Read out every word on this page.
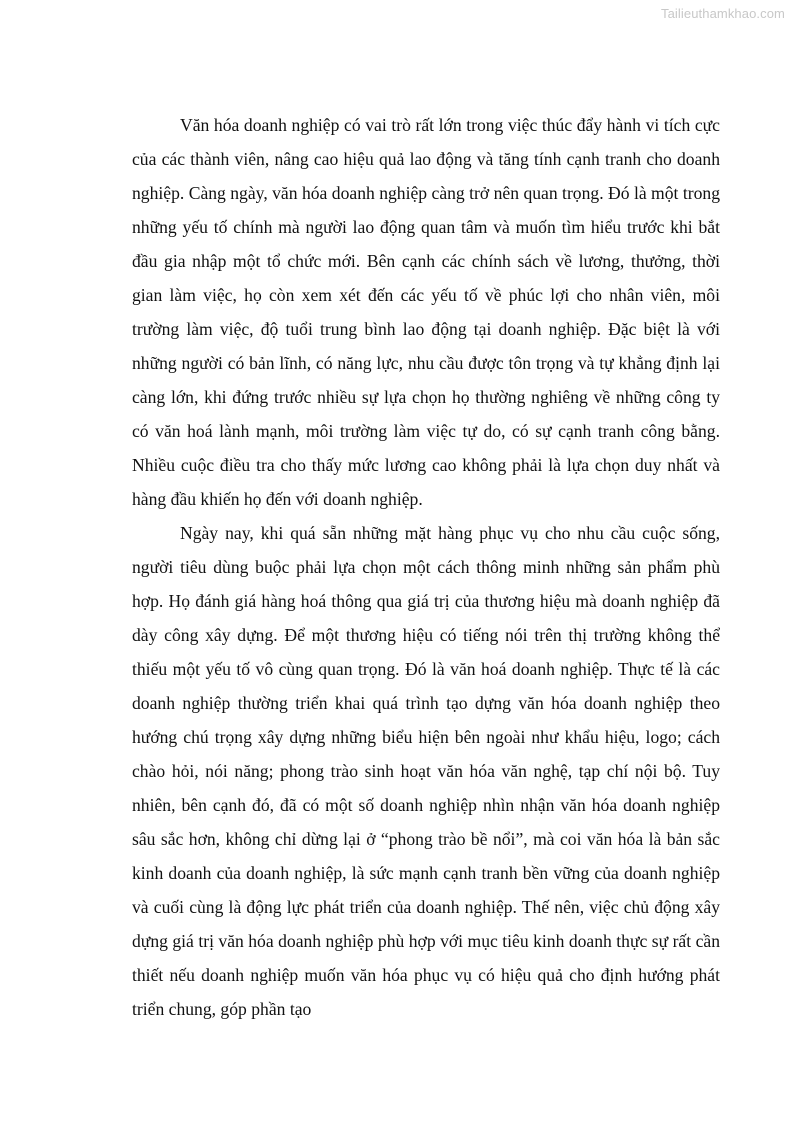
Tailieuthamkhao.com

Văn hóa doanh nghiệp có vai trò rất lớn trong việc thúc đẩy hành vi tích cực của các thành viên, nâng cao hiệu quả lao động và tăng tính cạnh tranh cho doanh nghiệp. Càng ngày, văn hóa doanh nghiệp càng trở nên quan trọng. Đó là một trong những yếu tố chính mà người lao động quan tâm và muốn tìm hiểu trước khi bắt đầu gia nhập một tổ chức mới. Bên cạnh các chính sách về lương, thưởng, thời gian làm việc, họ còn xem xét đến các yếu tố về phúc lợi cho nhân viên, môi trường làm việc, độ tuổi trung bình lao động tại doanh nghiệp. Đặc biệt là với những người có bản lĩnh, có năng lực, nhu cầu được tôn trọng và tự khẳng định lại càng lớn, khi đứng trước nhiều sự lựa chọn họ thường nghiêng về những công ty có văn hoá lành mạnh, môi trường làm việc tự do, có sự cạnh tranh công bằng. Nhiều cuộc điều tra cho thấy mức lương cao không phải là lựa chọn duy nhất và hàng đầu khiến họ đến với doanh nghiệp.

Ngày nay, khi quá sẵn những mặt hàng phục vụ cho nhu cầu cuộc sống, người tiêu dùng buộc phải lựa chọn một cách thông minh những sản phẩm phù hợp. Họ đánh giá hàng hoá thông qua giá trị của thương hiệu mà doanh nghiệp đã dày công xây dựng. Để một thương hiệu có tiếng nói trên thị trường không thể thiếu một yếu tố vô cùng quan trọng. Đó là văn hoá doanh nghiệp. Thực tế là các doanh nghiệp thường triển khai quá trình tạo dựng văn hóa doanh nghiệp theo hướng chú trọng xây dựng những biểu hiện bên ngoài như khẩu hiệu, logo; cách chào hỏi, nói năng; phong trào sinh hoạt văn hóa văn nghệ, tạp chí nội bộ. Tuy nhiên, bên cạnh đó, đã có một số doanh nghiệp nhìn nhận văn hóa doanh nghiệp sâu sắc hơn, không chỉ dừng lại ở “phong trào bề nổi”, mà coi văn hóa là bản sắc kinh doanh của doanh nghiệp, là sức mạnh cạnh tranh bền vững của doanh nghiệp và cuối cùng là động lực phát triển của doanh nghiệp. Thế nên, việc chủ động xây dựng giá trị văn hóa doanh nghiệp phù hợp với mục tiêu kinh doanh thực sự rất cần thiết nếu doanh nghiệp muốn văn hóa phục vụ có hiệu quả cho định hướng phát triển chung, góp phần tạo
